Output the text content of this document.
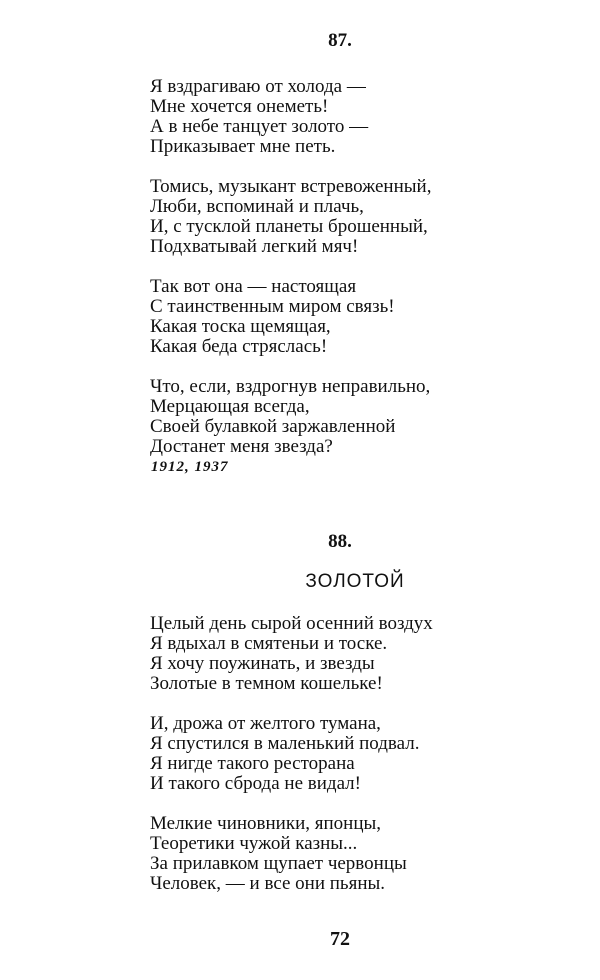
87.
Я вздрагиваю от холода —
Мне хочется онеметь!
А в небе танцует золото —
Приказывает мне петь.
Томись, музыкант встревоженный,
Люби, вспоминай и плачь,
И, с тусклой планеты брошенный,
Подхватывай легкий мяч!
Так вот она — настоящая
С таинственным миром связь!
Какая тоска щемящая,
Какая беда стряслась!
Что, если, вздрогнув неправильно,
Мерцающая всегда,
Своей булавкой заржавленной
Достанет меня звезда?
1912, 1937
88.
ЗОЛОТОЙ
Целый день сырой осенний воздух
Я вдыхал в смятеньи и тоске.
Я хочу поужинать, и звезды
Золотые в темном кошельке!
И, дрожа от желтого тумана,
Я спустился в маленький подвал.
Я нигде такого ресторана
И такого сброда не видал!
Мелкие чиновники, японцы,
Теоретики чужой казны...
За прилавком щупает червонцы
Человек, — и все они пьяны.
72
